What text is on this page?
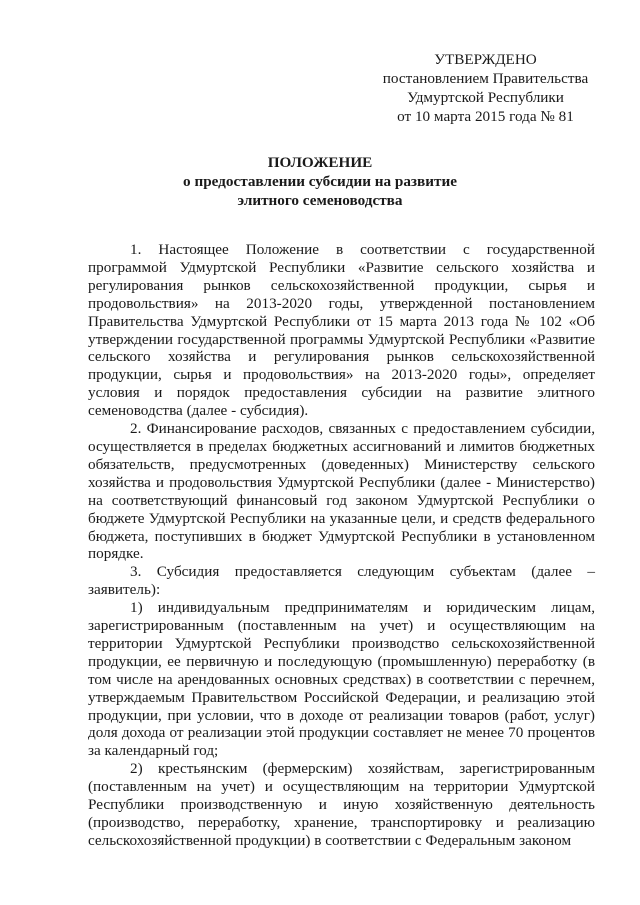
УТВЕРЖДЕНО
постановлением Правительства
Удмуртской Республики
от 10 марта 2015 года № 81
ПОЛОЖЕНИЕ
о предоставлении субсидии на развитие
элитного семеноводства

1. Настоящее Положение в соответствии с государственной программой Удмуртской Республики «Развитие сельского хозяйства и регулирования рынков сельскохозяйственной продукции, сырья и продовольствия» на 2013-2020 годы, утвержденной постановлением Правительства Удмуртской Республики от 15 марта 2013 года № 102 «Об утверждении государственной программы Удмуртской Республики «Развитие сельского хозяйства и регулирования рынков сельскохозяйственной продукции, сырья и продовольствия» на 2013-2020 годы», определяет условия и порядок предоставления субсидии на развитие элитного семеноводства (далее - субсидия).

2. Финансирование расходов, связанных с предоставлением субсидии, осуществляется в пределах бюджетных ассигнований и лимитов бюджетных обязательств, предусмотренных (доведенных) Министерству сельского хозяйства и продовольствия Удмуртской Республики (далее - Министерство) на соответствующий финансовый год законом Удмуртской Республики о бюджете Удмуртской Республики на указанные цели, и средств федерального бюджета, поступивших в бюджет Удмуртской Республики в установленном порядке.

3. Субсидия предоставляется следующим субъектам (далее – заявитель):

1) индивидуальным предпринимателям и юридическим лицам, зарегистрированным (поставленным на учет) и осуществляющим на территории Удмуртской Республики производство сельскохозяйственной продукции, ее первичную и последующую (промышленную) переработку (в том числе на арендованных основных средствах) в соответствии с перечнем, утверждаемым Правительством Российской Федерации, и реализацию этой продукции, при условии, что в доходе от реализации товаров (работ, услуг) доля дохода от реализации этой продукции составляет не менее 70 процентов за календарный год;

2) крестьянским (фермерским) хозяйствам, зарегистрированным (поставленным на учет) и осуществляющим на территории Удмуртской Республики производственную и иную хозяйственную деятельность (производство, переработку, хранение, транспортировку и реализацию сельскохозяйственной продукции) в соответствии с Федеральным законом
